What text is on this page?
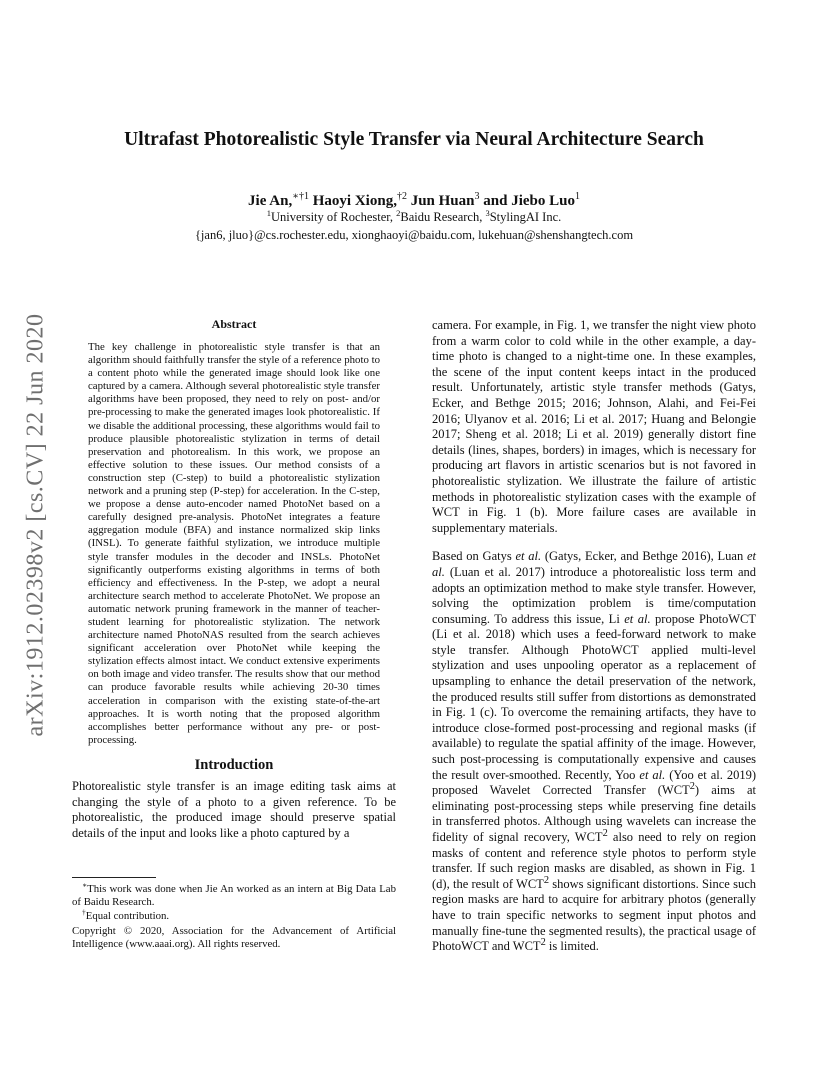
arXiv:1912.02398v2 [cs.CV] 22 Jun 2020
Ultrafast Photorealistic Style Transfer via Neural Architecture Search
Jie An,$^{∗\dagger 1}$ Haoyi Xiong,$^{\dagger 2}$ Jun Huan$^3$ and Jiebo Luo$^1$
$^1$University of Rochester, $^2$Baidu Research, $^3$StylingAI Inc.
{jan6, jluo}@cs.rochester.edu, xionghaoyi@baidu.com, lukehuan@shenshangtech.com
Abstract

The key challenge in photorealistic style transfer is that an algorithm should faithfully transfer the style of a reference photo to a content photo while the generated image should look like one captured by a camera. Although several photorealistic style transfer algorithms have been proposed, they need to rely on post- and/or pre-processing to make the generated images look photorealistic. If we disable the additional processing, these algorithms would fail to produce plausible photorealistic stylization in terms of detail preservation and photorealism. In this work, we propose an effective solution to these issues. Our method consists of a construction step (C-step) to build a photorealistic stylization network and a pruning step (P-step) for acceleration. In the C-step, we propose a dense auto-encoder named PhotoNet based on a carefully designed pre-analysis. PhotoNet integrates a feature aggregation module (BFA) and instance normalized skip links (INSL). To generate faithful stylization, we introduce multiple style transfer modules in the decoder and INSLs. PhotoNet significantly outperforms existing algorithms in terms of both efficiency and effectiveness. In the P-step, we adopt a neural architecture search method to accelerate PhotoNet. We propose an automatic network pruning framework in the manner of teacher-student learning for photorealistic stylization. The network architecture named PhotoNAS resulted from the search achieves significant acceleration over PhotoNet while keeping the stylization effects almost intact. We conduct extensive experiments on both image and video transfer. The results show that our method can produce favorable results while achieving 20-30 times acceleration in comparison with the existing state-of-the-art approaches. It is worth noting that the proposed algorithm accomplishes better performance without any pre- or post-processing.

Introduction

Photorealistic style transfer is an image editing task aims at changing the style of a photo to a given reference. To be photorealistic, the produced image should preserve spatial details of the input and looks like a photo captured by a

∗This work was done when Jie An worked as an intern at Big Data Lab of Baidu Research.

†Equal contribution.

Copyright © 2020, Association for the Advancement of Artificial Intelligence (www.aaai.org). All rights reserved.

camera. For example, in Fig. 1, we transfer the night view photo from a warm color to cold while in the other example, a day-time photo is changed to a night-time one. In these examples, the scene of the input content keeps intact in the produced result. Unfortunately, artistic style transfer methods (Gatys, Ecker, and Bethge 2015; 2016; Johnson, Alahi, and Fei-Fei 2016; Ulyanov et al. 2016; Li et al. 2017; Huang and Belongie 2017; Sheng et al. 2018; Li et al. 2019) generally distort fine details (lines, shapes, borders) in images, which is necessary for producing art flavors in artistic scenarios but is not favored in photorealistic stylization. We illustrate the failure of artistic methods in photorealistic stylization cases with the example of WCT in Fig. 1 (b). More failure cases are available in supplementary materials.

Based on Gatys et al. (Gatys, Ecker, and Bethge 2016), Luan et al. (Luan et al. 2017) introduce a photorealistic loss term and adopts an optimization method to make style transfer. However, solving the optimization problem is time/computation consuming. To address this issue, Li et al. propose PhotoWCT (Li et al. 2018) which uses a feed-forward network to make style transfer. Although PhotoWCT applied multi-level stylization and uses unpooling operator as a replacement of upsampling to enhance the detail preservation of the network, the produced results still suffer from distortions as demonstrated in Fig. 1 (c). To overcome the remaining artifacts, they have to introduce close-formed post-processing and regional masks (if available) to regulate the spatial affinity of the image. However, such post-processing is computationally expensive and causes the result over-smoothed. Recently, Yoo et al. (Yoo et al. 2019) proposed Wavelet Corrected Transfer (WCT$^2$) aims at eliminating post-processing steps while preserving fine details in transferred photos. Although using wavelets can increase the fidelity of signal recovery, WCT$^2$ also need to rely on region masks of content and reference style photos to perform style transfer. If such region masks are disabled, as shown in Fig. 1 (d), the result of WCT$^2$ shows significant distortions. Since such region masks are hard to acquire for arbitrary photos (generally have to train specific networks to segment input photos and manually fine-tune the segmented results), the practical usage of PhotoWCT and WCT$^2$ is limited.
